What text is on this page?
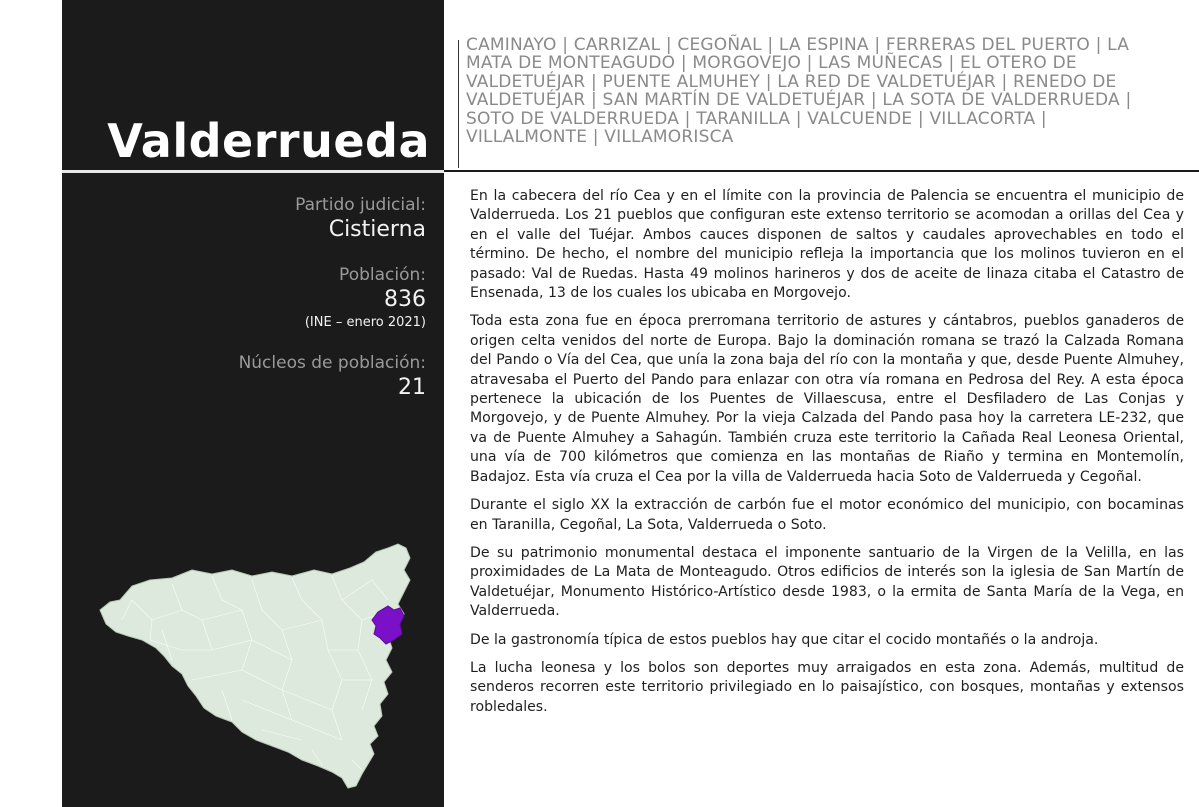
Valderrueda
Partido judicial:
Cistierna
Población:
836
(INE – enero 2021)
Núcleos de población:
21
CAMINAYO | CARRIZAL | CEGOÑAL | LA ESPINA | FERRERAS DEL PUERTO | LA MATA DE MONTEAGUDO | MORGOVEJO | LAS MUÑECAS | EL OTERO DE VALDETUÉJAR | PUENTE ALMUHEY | LA RED DE VALDETUÉJAR | RENEDO DE VALDETUÉJAR | SAN MARTÍN DE VALDETUÉJAR | LA SOTA DE VALDERRUEDA | SOTO DE VALDERRUEDA | TARANILLA | VALCUENDE | VILLACORTA | VILLALMONTE | VILLAMORISCA

En la cabecera del río Cea y en el límite con la provincia de Palencia se encuentra el municipio de Valderrueda. Los 21 pueblos que configuran este extenso territorio se acomodan a orillas del Cea y en el valle del Tuéjar. Ambos cauces disponen de saltos y caudales aprovechables en todo el término. De hecho, el nombre del municipio refleja la importancia que los molinos tuvieron en el pasado: Val de Ruedas. Hasta 49 molinos harineros y dos de aceite de linaza citaba el Catastro de Ensenada, 13 de los cuales los ubicaba en Morgovejo.

Toda esta zona fue en época prerromana territorio de astures y cántabros, pueblos ganaderos de origen celta venidos del norte de Europa. Bajo la dominación romana se trazó la Calzada Romana del Pando o Vía del Cea, que unía la zona baja del río con la montaña y que, desde Puente Almuhey, atravesaba el Puerto del Pando para enlazar con otra vía romana en Pedrosa del Rey. A esta época pertenece la ubicación de los Puentes de Villaescusa, entre el Desfiladero de Las Conjas y Morgovejo, y de Puente Almuhey. Por la vieja Calzada del Pando pasa hoy la carretera LE-232, que va de Puente Almuhey a Sahagún. También cruza este territorio la Cañada Real Leonesa Oriental, una vía de 700 kilómetros que comienza en las montañas de Riaño y termina en Montemolín, Badajoz. Esta vía cruza el Cea por la villa de Valderrueda hacia Soto de Valderrueda y Cegoñal.

Durante el siglo XX la extracción de carbón fue el motor económico del municipio, con bocaminas en Taranilla, Cegoñal, La Sota, Valderrueda o Soto.

De su patrimonio monumental destaca el imponente santuario de la Virgen de la Velilla, en las proximidades de La Mata de Monteagudo. Otros edificios de interés son la iglesia de San Martín de Valdetuéjar, Monumento Histórico-Artístico desde 1983, o la ermita de Santa María de la Vega, en Valderrueda.

De la gastronomía típica de estos pueblos hay que citar el cocido montañés o la androja.

La lucha leonesa y los bolos son deportes muy arraigados en esta zona. Además, multitud de senderos recorren este territorio privilegiado en lo paisajístico, con bosques, montañas y extensos robledales.
